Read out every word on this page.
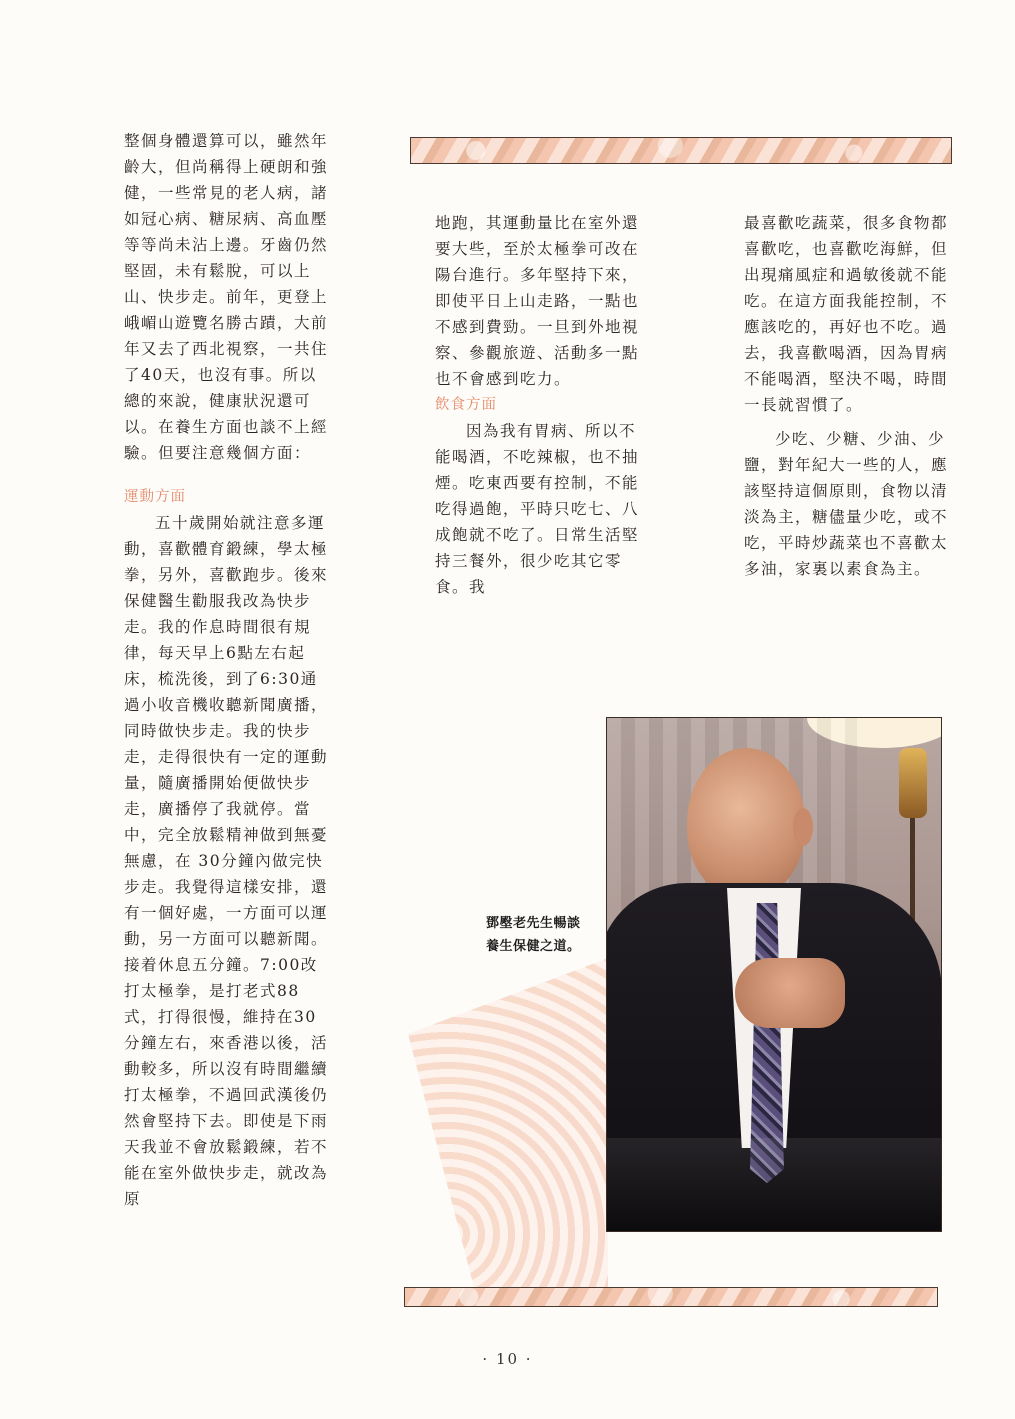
整個身體還算可以，雖然年齡大，但尚稱得上硬朗和強健，一些常見的老人病，諸如冠心病、糖尿病、高血壓等等尚未沾上邊。牙齒仍然堅固，未有鬆脫，可以上山、快步走。前年，更登上峨嵋山遊覽名勝古蹟，大前年又去了西北視察，一共住了40天，也沒有事。所以總的來說，健康狀況還可以。在養生方面也談不上經驗。但要注意幾個方面：

運動方面

五十歲開始就注意多運動，喜歡體育鍛練，學太極拳，另外，喜歡跑步。後來保健醫生勸服我改為快步走。我的作息時間很有規律，每天早上6點左右起床，梳洗後，到了6:30通過小收音機收聽新聞廣播，同時做快步走。我的快步走，走得很快有一定的運動量，隨廣播開始便做快步走，廣播停了我就停。當中，完全放鬆精神做到無憂無慮，在 30分鐘內做完快步走。我覺得這樣安排，還有一個好處，一方面可以運動，另一方面可以聽新聞。接着休息五分鐘。7:00改打太極拳，是打老式88式，打得很慢，維持在30分鐘左右，來香港以後，活動較多，所以沒有時間繼續打太極拳，不過回武漢後仍然會堅持下去。即使是下雨天我並不會放鬆鍛練，若不能在室外做快步走，就改為原

地跑，其運動量比在室外還要大些，至於太極拳可改在陽台進行。多年堅持下來，即使平日上山走路，一點也不感到費勁。一旦到外地視察、參觀旅遊、活動多一點也不會感到吃力。

飲食方面

因為我有胃病、所以不能喝酒，不吃辣椒，也不抽煙。吃東西要有控制，不能吃得過飽，平時只吃七、八成飽就不吃了。日常生活堅持三餐外，很少吃其它零食。我

最喜歡吃蔬菜，很多食物都喜歡吃，也喜歡吃海鮮，但出現痛風症和過敏後就不能吃。在這方面我能控制，不應該吃的，再好也不吃。過去，我喜歡喝酒，因為胃病不能喝酒，堅決不喝，時間一長就習慣了。

少吃、少糖、少油、少鹽，對年紀大一些的人，應該堅持這個原則，食物以清淡為主，糖儘量少吃，或不吃，平時炒蔬菜也不喜歡太多油，家裏以素食為主。

鄧壂老先生暢談
養生保健之道。
· 10 ·
